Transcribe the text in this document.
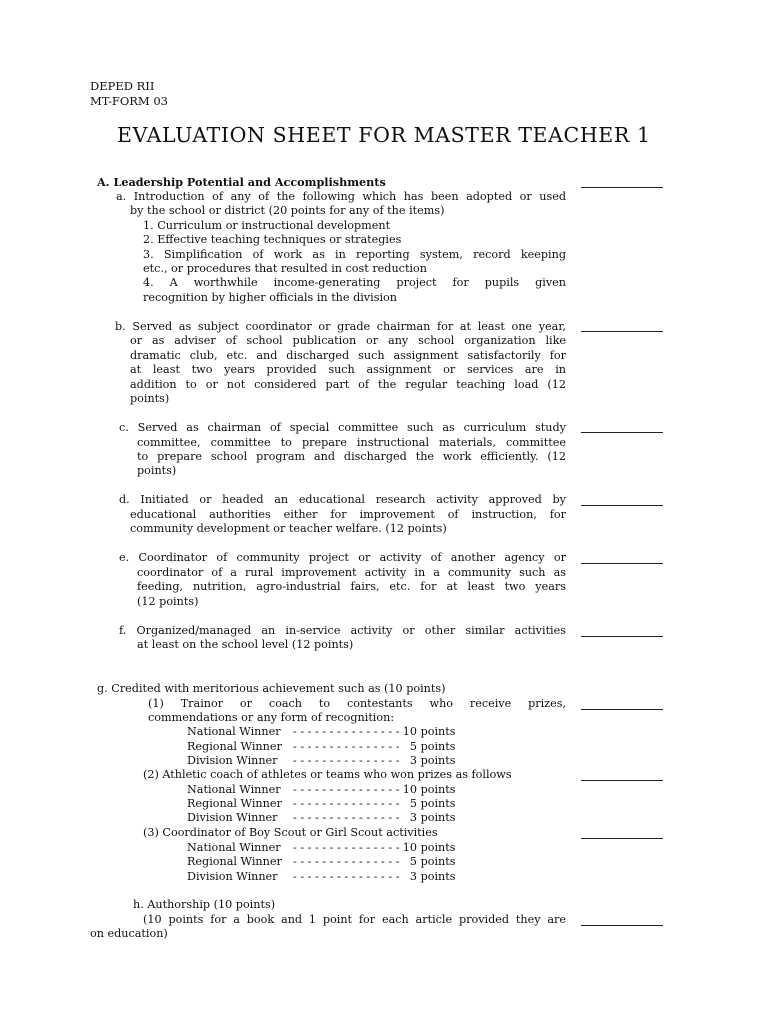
DEPED RII
MT-FORM 03
EVALUATION SHEET FOR MASTER TEACHER 1
A. Leadership Potential and Accomplishments
a. Introduction of any of the following which has been adopted or used
by the school or district (20 points for any of the items)
1. Curriculum or instructional development
2. Effective teaching techniques or strategies
3. Simplification of work as in reporting system, record keeping
etc., or procedures that resulted in cost reduction
4. A worthwhile income-generating project for pupils given
recognition by higher officials in the division
b. Served as subject coordinator or grade chairman for at least one year,
or as adviser of school publication or any school organization like
dramatic club, etc. and discharged such assignment satisfactorily for
at least two years provided such assignment or services are in
addition to or not considered part of the regular teaching load (12
points)
c. Served as chairman of special committee such as curriculum study
committee, committee to prepare instructional materials, committee
to prepare school program and discharged the work efficiently. (12
points)
d. Initiated or headed an educational research activity approved by
educational authorities either for improvement of instruction, for
community development or teacher welfare. (12 points)
e. Coordinator of community project or activity of another agency or
coordinator of a rural improvement activity in a community such as
feeding, nutrition, agro-industrial fairs, etc. for at least two years
(12 points)
f. Organized/managed an in-service activity or other similar activities
at least on the school level (12 points)
g. Credited with meritorious achievement such as (10 points)
(1) Trainor or coach to contestants who receive prizes,
commendations or any form of recognition:
National Winner - - - - - - - - - - - - - - - 10 points
Regional Winner - - - - - - - - - - - - - - - 5 points
Division Winner - - - - - - - - - - - - - - - 3 points
(2) Athletic coach of athletes or teams who won prizes as follows
National Winner - - - - - - - - - - - - - - - 10 points
Regional Winner - - - - - - - - - - - - - - - 5 points
Division Winner - - - - - - - - - - - - - - - 3 points
(3) Coordinator of Boy Scout or Girl Scout activities
National Winner - - - - - - - - - - - - - - - 10 points
Regional Winner - - - - - - - - - - - - - - - 5 points
Division Winner - - - - - - - - - - - - - - - 3 points
h. Authorship (10 points)
(10 points for a book and 1 point for each article provided they are
on education)
